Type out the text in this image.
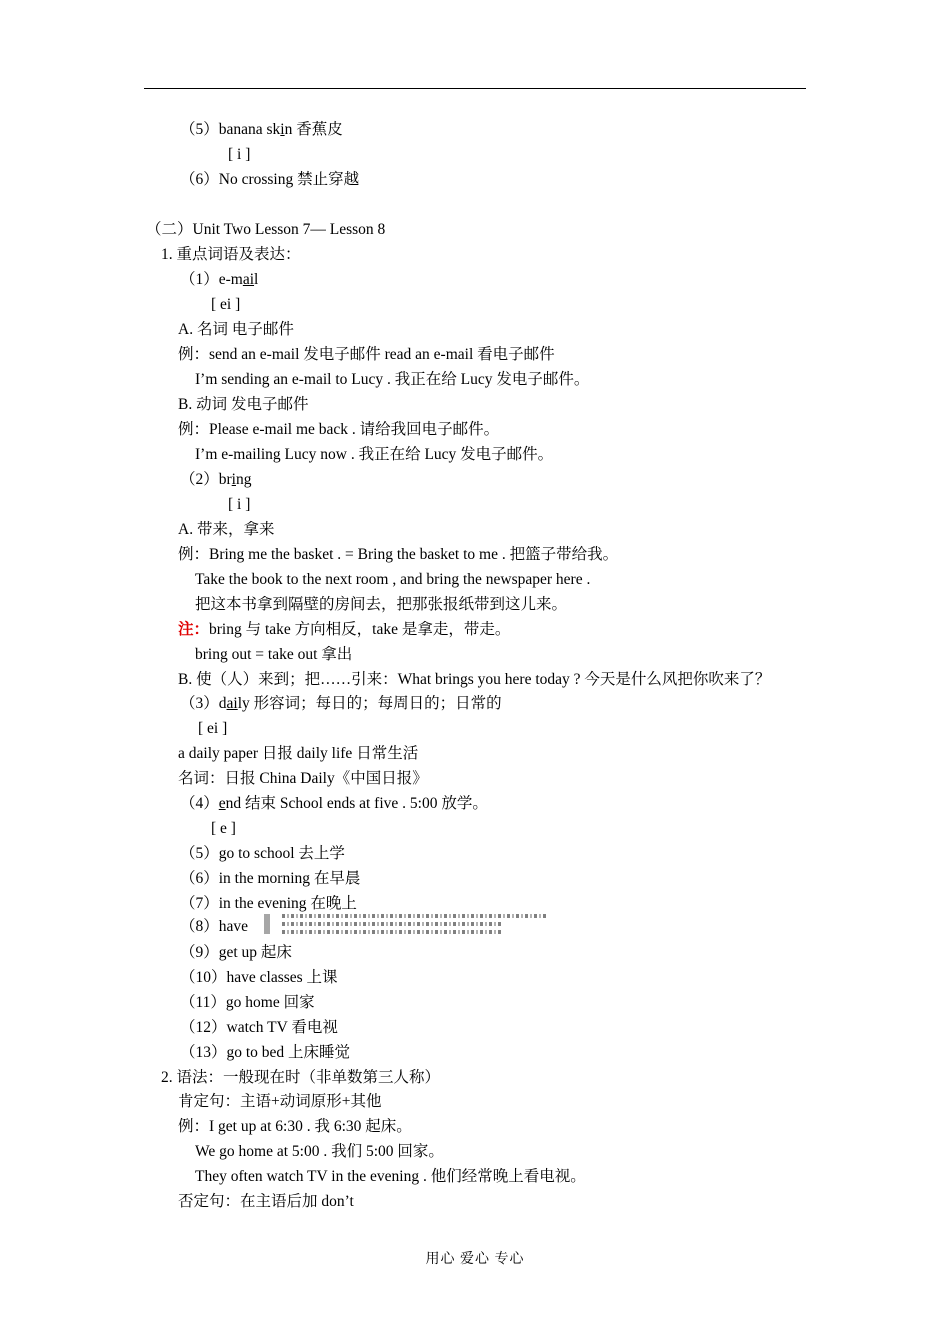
（5）banana skin 香蕉皮
[ i ]
（6）No crossing 禁止穿越
（二）Unit Two Lesson 7— Lesson 8
1. 重点词语及表达：
（1）e-mail
[ ei ]
A. 名词 电子邮件
例：send an e-mail 发电子邮件 read an e-mail 看电子邮件
I’m sending an e-mail to Lucy . 我正在给 Lucy 发电子邮件。
B. 动词 发电子邮件
例：Please e-mail me back . 请给我回电子邮件。
I’m e-mailing Lucy now . 我正在给 Lucy 发电子邮件。
（2）bring
[ i ]
A. 带来，拿来
例：Bring me the basket . = Bring the basket to me . 把篮子带给我。
Take the book to the next room , and bring the newspaper here .
把这本书拿到隔壁的房间去，把那张报纸带到这儿来。
注：bring 与 take 方向相反，take 是拿走，带走。
bring out = take out 拿出
B. 使（人）来到；把……引来：What brings you here today ? 今天是什么风把你吹来了？
（3）daily 形容词；每日的；每周日的；日常的
[ ei ]
a daily paper 日报 daily life 日常生活
名词：日报 China Daily《中国日报》
（4）end 结束 School ends at five . 5:00 放学。
[ e ]
（5）go to school 去上学
（6）in the morning 在早晨
（7）in the evening 在晚上
（8）have
（9）get up 起床
（10）have classes 上课
（11）go home 回家
（12）watch TV 看电视
（13）go to bed 上床睡觉
2. 语法：一般现在时（非单数第三人称）
肯定句：主语+动词原形+其他
例：I get up at 6:30 . 我 6:30 起床。
We go home at 5:00 . 我们 5:00 回家。
They often watch TV in the evening . 他们经常晚上看电视。
否定句：在主语后加 don’t
用心 爱心 专心
